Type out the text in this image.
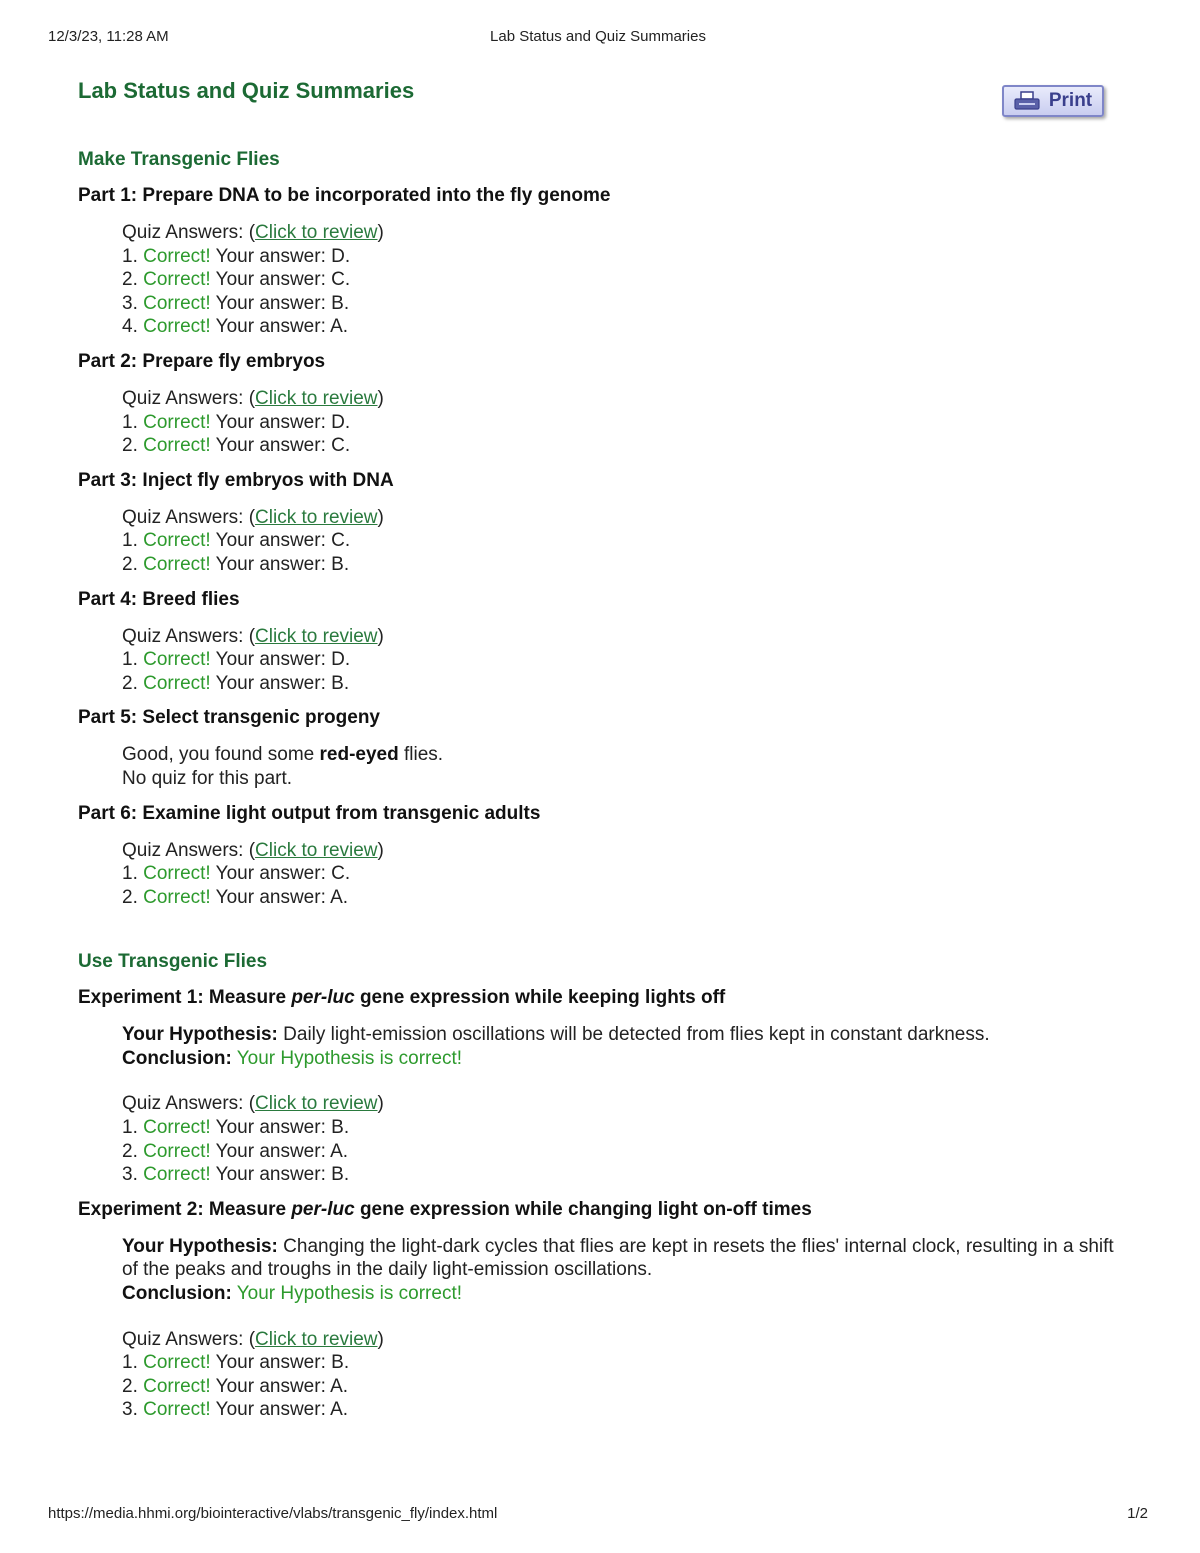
12/3/23, 11:28 AM	Lab Status and Quiz Summaries
Lab Status and Quiz Summaries	Print
Make Transgenic Flies
Part 1: Prepare DNA to be incorporated into the fly genome
Quiz Answers: (Click to review)
1. Correct! Your answer: D.
2. Correct! Your answer: C.
3. Correct! Your answer: B.
4. Correct! Your answer: A.
Part 2: Prepare fly embryos
Quiz Answers: (Click to review)
1. Correct! Your answer: D.
2. Correct! Your answer: C.
Part 3: Inject fly embryos with DNA
Quiz Answers: (Click to review)
1. Correct! Your answer: C.
2. Correct! Your answer: B.
Part 4: Breed flies
Quiz Answers: (Click to review)
1. Correct! Your answer: D.
2. Correct! Your answer: B.
Part 5: Select transgenic progeny
Good, you found some red-eyed flies.
No quiz for this part.
Part 6: Examine light output from transgenic adults
Quiz Answers: (Click to review)
1. Correct! Your answer: C.
2. Correct! Your answer: A.
Use Transgenic Flies
Experiment 1: Measure per-luc gene expression while keeping lights off
Your Hypothesis: Daily light-emission oscillations will be detected from flies kept in constant darkness.
Conclusion: Your Hypothesis is correct!
Quiz Answers: (Click to review)
1. Correct! Your answer: B.
2. Correct! Your answer: A.
3. Correct! Your answer: B.
Experiment 2: Measure per-luc gene expression while changing light on-off times
Your Hypothesis: Changing the light-dark cycles that flies are kept in resets the flies' internal clock, resulting in a shift of the peaks and troughs in the daily light-emission oscillations.
Conclusion: Your Hypothesis is correct!
Quiz Answers: (Click to review)
1. Correct! Your answer: B.
2. Correct! Your answer: A.
3. Correct! Your answer: A.
https://media.hhmi.org/biointeractive/vlabs/transgenic_fly/index.html	1/2
